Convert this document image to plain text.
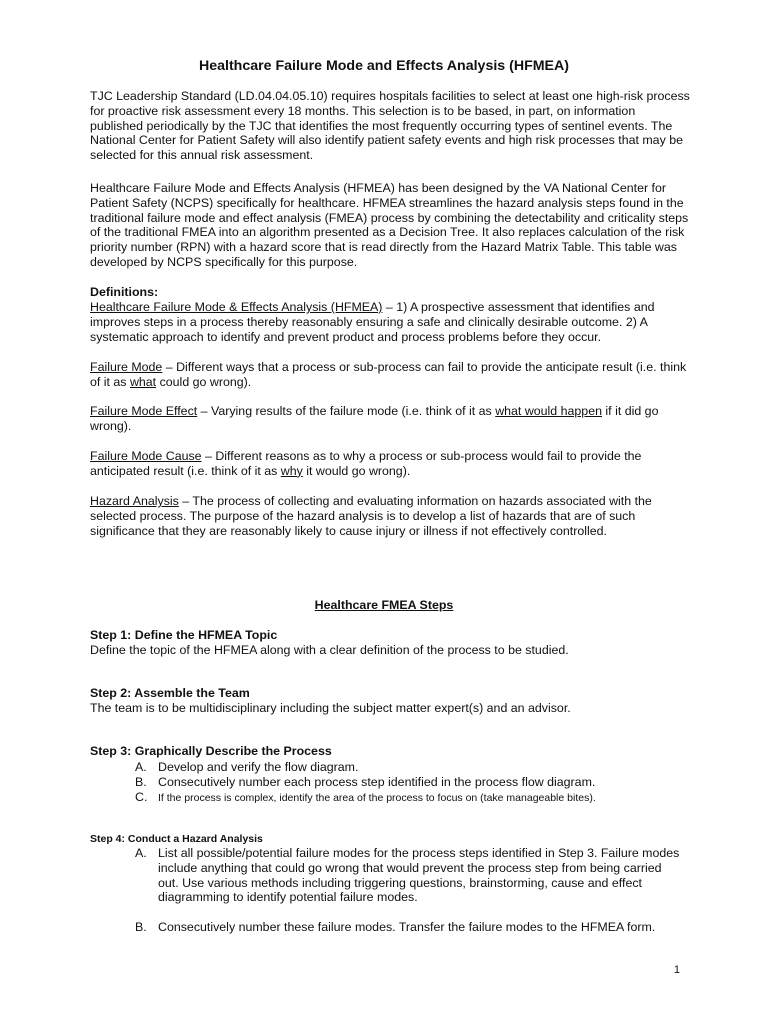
Healthcare Failure Mode and Effects Analysis (HFMEA)

TJC Leadership Standard (LD.04.04.05.10) requires hospitals facilities to select at least one high-risk process for proactive risk assessment every 18 months. This selection is to be based, in part, on information published periodically by the TJC that identifies the most frequently occurring types of sentinel events. The National Center for Patient Safety will also identify patient safety events and high risk processes that may be selected for this annual risk assessment.

Healthcare Failure Mode and Effects Analysis (HFMEA) has been designed by the VA National Center for Patient Safety (NCPS) specifically for healthcare. HFMEA streamlines the hazard analysis steps found in the traditional failure mode and effect analysis (FMEA) process by combining the detectability and criticality steps of the traditional FMEA into an algorithm presented as a Decision Tree. It also replaces calculation of the risk priority number (RPN) with a hazard score that is read directly from the Hazard Matrix Table. This table was developed by NCPS specifically for this purpose.

Definitions:

Healthcare Failure Mode & Effects Analysis (HFMEA) – 1) A prospective assessment that identifies and improves steps in a process thereby reasonably ensuring a safe and clinically desirable outcome. 2) A systematic approach to identify and prevent product and process problems before they occur.

Failure Mode – Different ways that a process or sub-process can fail to provide the anticipate result (i.e. think of it as what could go wrong).

Failure Mode Effect – Varying results of the failure mode (i.e. think of it as what would happen if it did go wrong).

Failure Mode Cause – Different reasons as to why a process or sub-process would fail to provide the anticipated result (i.e. think of it as why it would go wrong).

Hazard Analysis – The process of collecting and evaluating information on hazards associated with the selected process. The purpose of the hazard analysis is to develop a list of hazards that are of such significance that they are reasonably likely to cause injury or illness if not effectively controlled.

Healthcare FMEA Steps
Step 1: Define the HFMEA Topic
Define the topic of the HFMEA along with a clear definition of the process to be studied.
Step 2: Assemble the Team
The team is to be multidisciplinary including the subject matter expert(s) and an advisor.
Step 3: Graphically Describe the Process
A. Develop and verify the flow diagram.
B. Consecutively number each process step identified in the process flow diagram.
C.	If the process is complex, identify the area of the process to focus on (take manageable bites).
Step 4: Conduct a Hazard Analysis
A. List all possible/potential failure modes for the process steps identified in Step 3. Failure modes include anything that could go wrong that would prevent the process step from being carried out. Use various methods including triggering questions, brainstorming, cause and effect diagramming to identify potential failure modes.
B. Consecutively number these failure modes. Transfer the failure modes to the HFMEA form.
1
